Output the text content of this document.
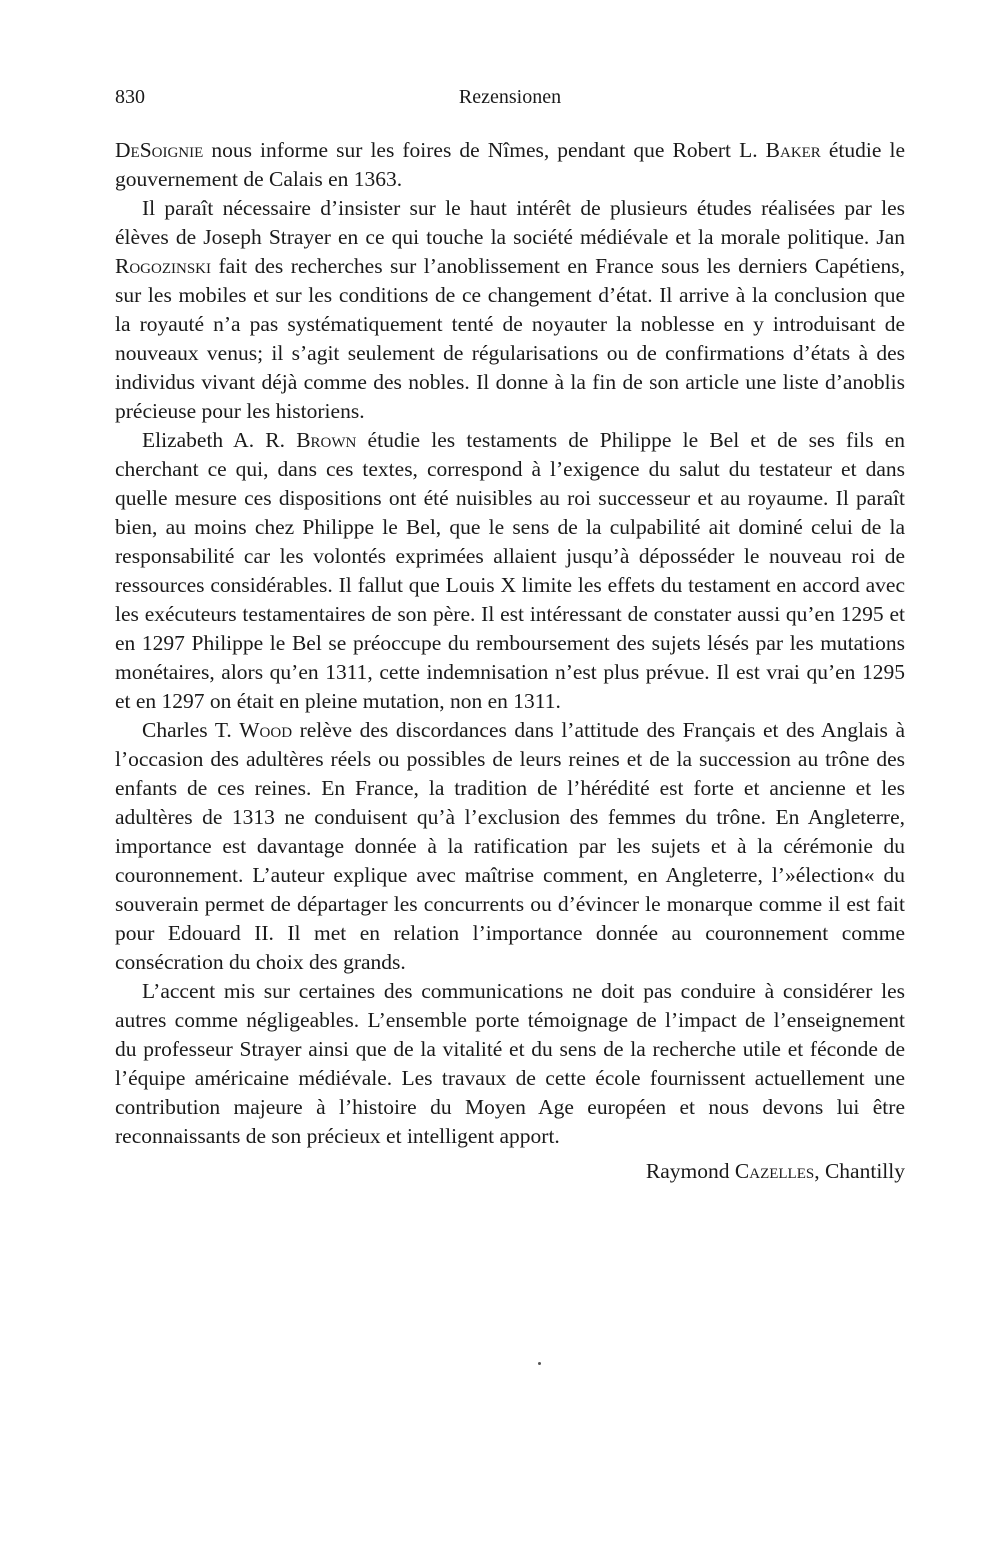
830	Rezensionen

DeSoignie nous informe sur les foires de Nîmes, pendant que Robert L. Baker étudie le gouvernement de Calais en 1363.

Il paraît nécessaire d’insister sur le haut intérêt de plusieurs études réalisées par les élèves de Joseph Strayer en ce qui touche la société médiévale et la morale politique. Jan Rogozinski fait des recherches sur l’anoblissement en France sous les derniers Capétiens, sur les mobiles et sur les conditions de ce changement d’état. Il arrive à la conclusion que la royauté n’a pas systématiquement tenté de noyauter la noblesse en y introduisant de nouveaux venus; il s’agit seulement de régularisations ou de confirmations d’états à des individus vivant déjà comme des nobles. Il donne à la fin de son article une liste d’anoblis précieuse pour les historiens.

Elizabeth A. R. Brown étudie les testaments de Philippe le Bel et de ses fils en cherchant ce qui, dans ces textes, correspond à l’exigence du salut du testateur et dans quelle mesure ces dispositions ont été nuisibles au roi successeur et au royaume. Il paraît bien, au moins chez Philippe le Bel, que le sens de la culpabilité ait dominé celui de la responsabilité car les volontés exprimées allaient jusqu’à déposséder le nouveau roi de ressources considérables. Il fallut que Louis X limite les effets du testament en accord avec les exécuteurs testamentaires de son père. Il est intéressant de constater aussi qu’en 1295 et en 1297 Philippe le Bel se préoccupe du remboursement des sujets lésés par les mutations monétaires, alors qu’en 1311, cette indemnisation n’est plus prévue. Il est vrai qu’en 1295 et en 1297 on était en pleine mutation, non en 1311.

Charles T. Wood relève des discordances dans l’attitude des Français et des Anglais à l’occasion des adultères réels ou possibles de leurs reines et de la succession au trône des enfants de ces reines. En France, la tradition de l’hérédité est forte et ancienne et les adultères de 1313 ne conduisent qu’à l’exclusion des femmes du trône. En Angleterre, importance est davantage donnée à la ratification par les sujets et à la cérémonie du couronnement. L’auteur explique avec maîtrise comment, en Angleterre, l’»élection« du souverain permet de départager les concurrents ou d’évincer le monarque comme il est fait pour Edouard II. Il met en relation l’importance donnée au couronnement comme consécration du choix des grands.

L’accent mis sur certaines des communications ne doit pas conduire à considérer les autres comme négligeables. L’ensemble porte témoignage de l’impact de l’enseignement du professeur Strayer ainsi que de la vitalité et du sens de la recherche utile et féconde de l’équipe américaine médiévale. Les travaux de cette école fournissent actuellement une contribution majeure à l’histoire du Moyen Age européen et nous devons lui être reconnaissants de son précieux et intelligent apport.

Raymond Cazelles, Chantilly
